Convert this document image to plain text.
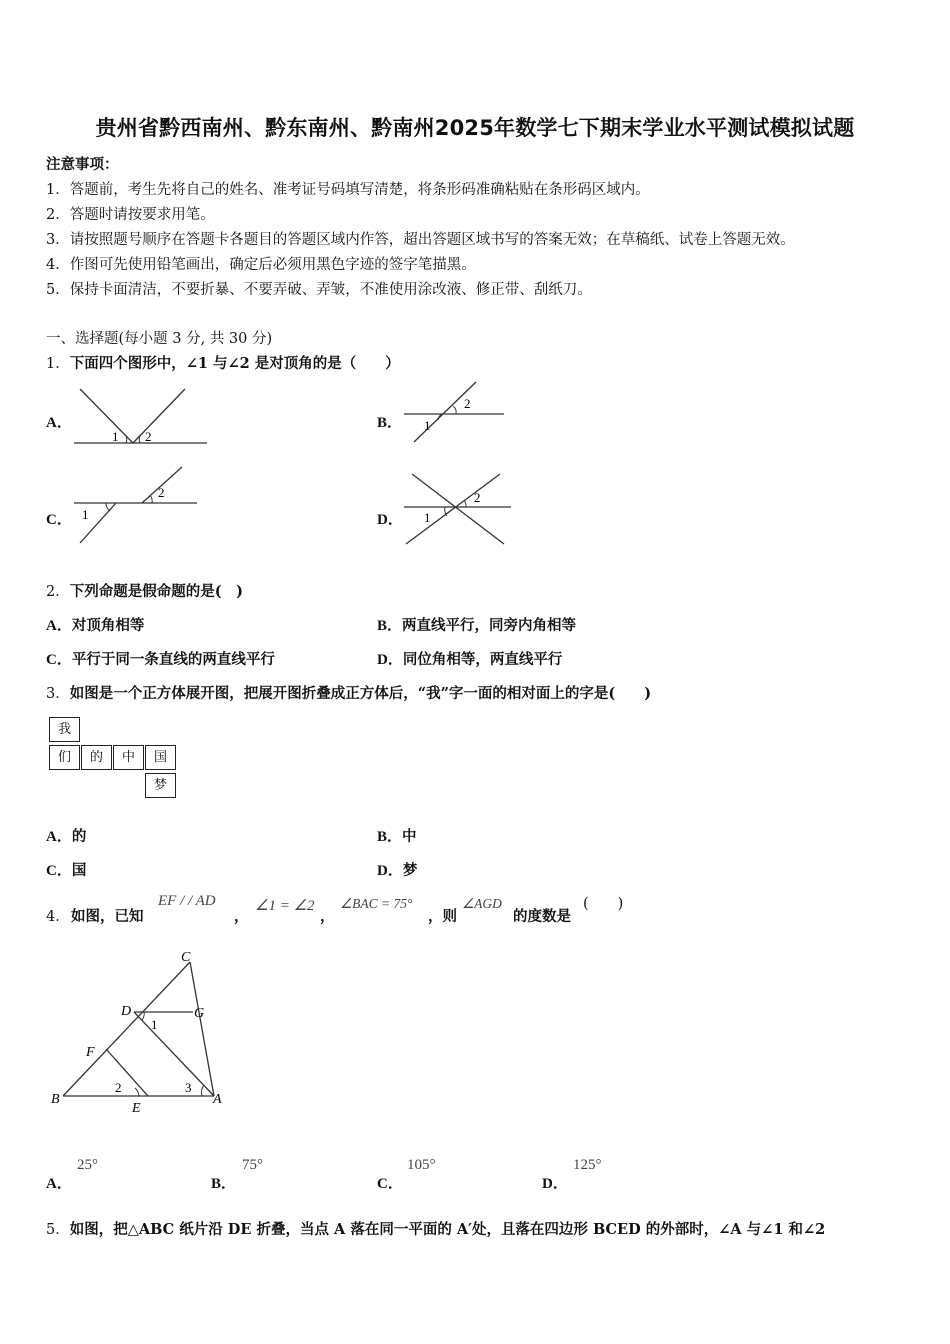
贵州省黔西南州、黔东南州、黔南州2025年数学七下期末学业水平测试模拟试题
注意事项：
1．答题前，考生先将自己的姓名、准考证号码填写清楚，将条形码准确粘贴在条形码区域内。
2．答题时请按要求用笔。
3．请按照题号顺序在答题卡各题目的答题区域内作答，超出答题区域书写的答案无效；在草稿纸、试卷上答题无效。
4．作图可先使用铅笔画出，确定后必须用黑色字迹的签字笔描黑。
5．保持卡面清洁，不要折暴、不要弄破、弄皱，不准使用涂改液、修正带、刮纸刀。
一、选择题(每小题 3 分, 共 30 分)
1．下面四个图形中，∠1 与∠2 是对顶角的是（　　）
A．
1 2
B． 1
2
C． 1
2
D． 1
2
2．下列命题是假命题的是(　)
A．对顶角相等	B．两直线平行，同旁内角相等
C．平行于同一条直线的两直线平行	D．同位角相等，两直线平行
3．如图是一个正方体展开图，把展开图折叠成正方体后，“我”字一面的相对面上的字是(　　)
我
们	的	中	国
梦
A．的	B．中
C．国	D．梦
4． 如图，已知
EF / / AD
，
∠1 = ∠2
，
∠BAC = 75°
，则
∠AGD
的度数是
(　　)
C
D	G
1
F
2	3
B
E
A
A．
25°
B．
75°
C．
105°
D．
125°
5．如图，把△ABC 纸片沿 DE 折叠，当点 A 落在同一平面的 A′处，且落在四边形 BCED 的外部时，∠A 与∠1 和∠2
